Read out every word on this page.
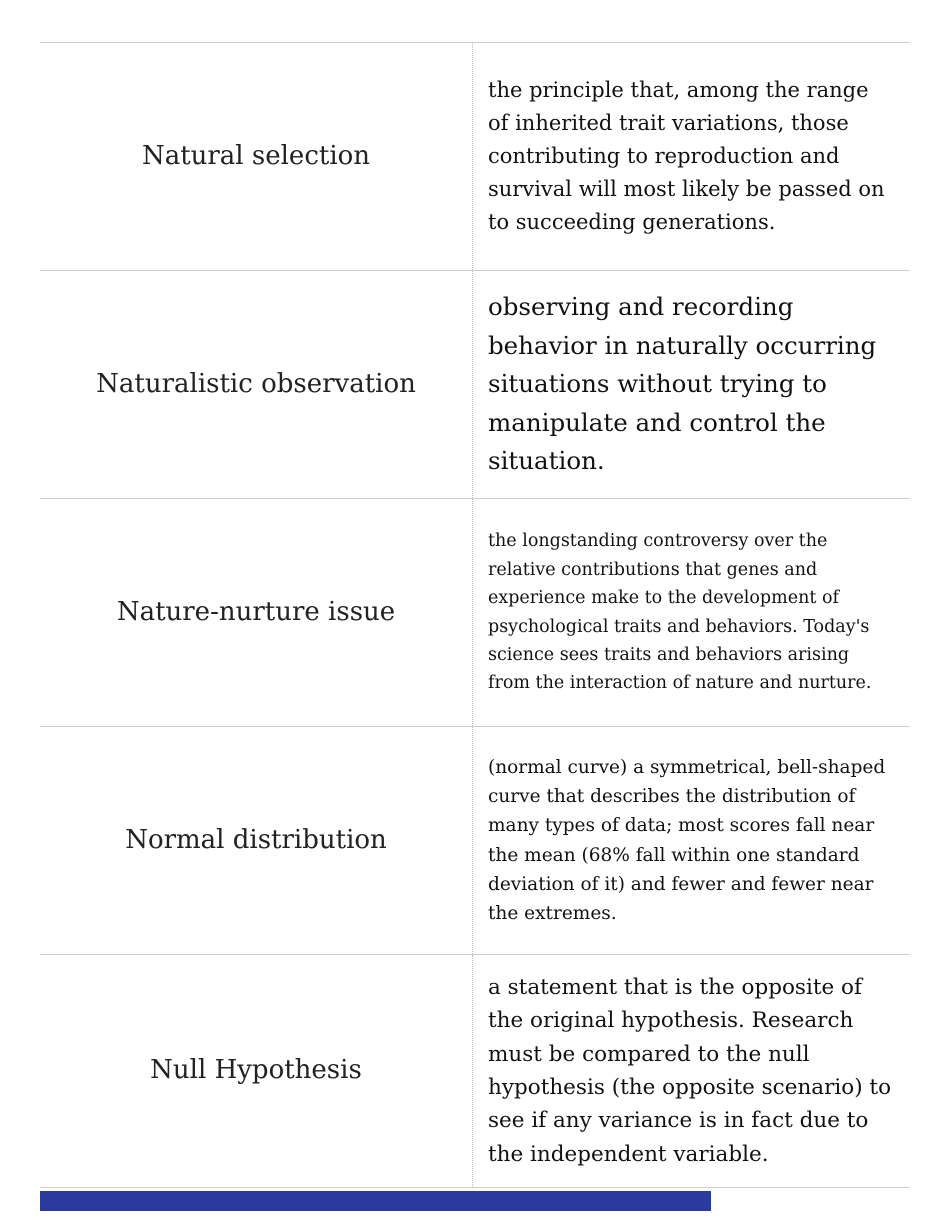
Natural selection
the principle that, among the range of inherited trait variations, those contributing to reproduction and survival will most likely be passed on to succeeding generations.
Naturalistic observation
observing and recording behavior in naturally occurring situations without trying to manipulate and control the situation.
Nature-nurture issue
the longstanding controversy over the relative contributions that genes and experience make to the development of psychological traits and behaviors. Today's science sees traits and behaviors arising from the interaction of nature and nurture.
Normal distribution
(normal curve) a symmetrical, bell-shaped curve that describes the distribution of many types of data; most scores fall near the mean (68% fall within one standard deviation of it) and fewer and fewer near the extremes.
Null Hypothesis
a statement that is the opposite of the original hypothesis. Research must be compared to the null hypothesis (the opposite scenario) to see if any variance is in fact due to the independent variable.
